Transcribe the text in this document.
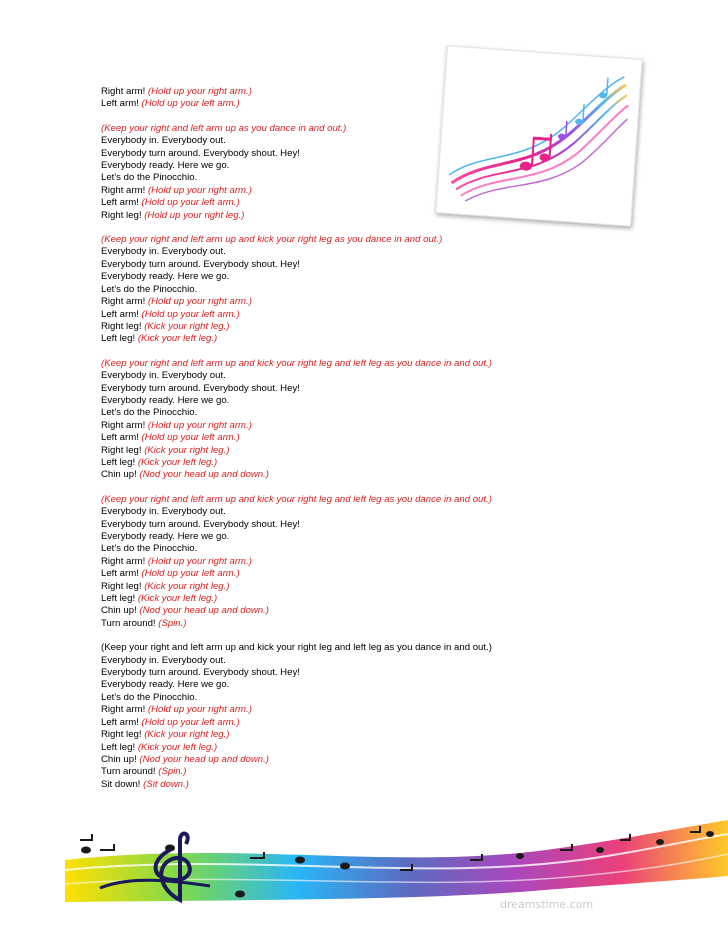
Right arm! (Hold up your right arm.)
Left arm! (Hold up your left arm.)
(Keep your right and left arm up as you dance in and out.)
Everybody in. Everybody out.
Everybody turn around. Everybody shout. Hey!
Everybody ready. Here we go.
Let's do the Pinocchio.
Right arm! (Hold up your right arm.)
Left arm! (Hold up your left arm.)
Right leg! (Hold up your right leg.)
(Keep your right and left arm up and kick your right leg as you dance in and out.)
Everybody in. Everybody out.
Everybody turn around. Everybody shout. Hey!
Everybody ready. Here we go.
Let's do the Pinocchio.
Right arm! (Hold up your right arm.)
Left arm! (Hold up your left arm.)
Right leg! (Kick your right leg.)
Left leg! (Kick your left leg.)
(Keep your right and left arm up and kick your right leg and left leg as you dance in and out.)
Everybody in. Everybody out.
Everybody turn around. Everybody shout. Hey!
Everybody ready. Here we go.
Let's do the Pinocchio.
Right arm! (Hold up your right arm.)
Left arm! (Hold up your left arm.)
Right leg! (Kick your right leg.)
Left leg! (Kick your left leg.)
Chin up! (Nod your head up and down.)
(Keep your right and left arm up and kick your right leg and left leg as you dance in and out.)
Everybody in. Everybody out.
Everybody turn around. Everybody shout. Hey!
Everybody ready. Here we go.
Let's do the Pinocchio.
Right arm! (Hold up your right arm.)
Left arm! (Hold up your left arm.)
Right leg! (Kick your right leg.)
Left leg! (Kick your left leg.)
Chin up! (Nod your head up and down.)
Turn around! (Spin.)
(Keep your right and left arm up and kick your right leg and left leg as you dance in and out.)
Everybody in. Everybody out.
Everybody turn around. Everybody shout. Hey!
Everybody ready. Here we go.
Let's do the Pinocchio.
Right arm! (Hold up your right arm.)
Left arm! (Hold up your left arm.)
Right leg! (Kick your right leg.)
Left leg! (Kick your left leg.)
Chin up! (Nod your head up and down.)
Turn around! (Spin.)
Sit down! (Sit down.)
dreamstime.com
